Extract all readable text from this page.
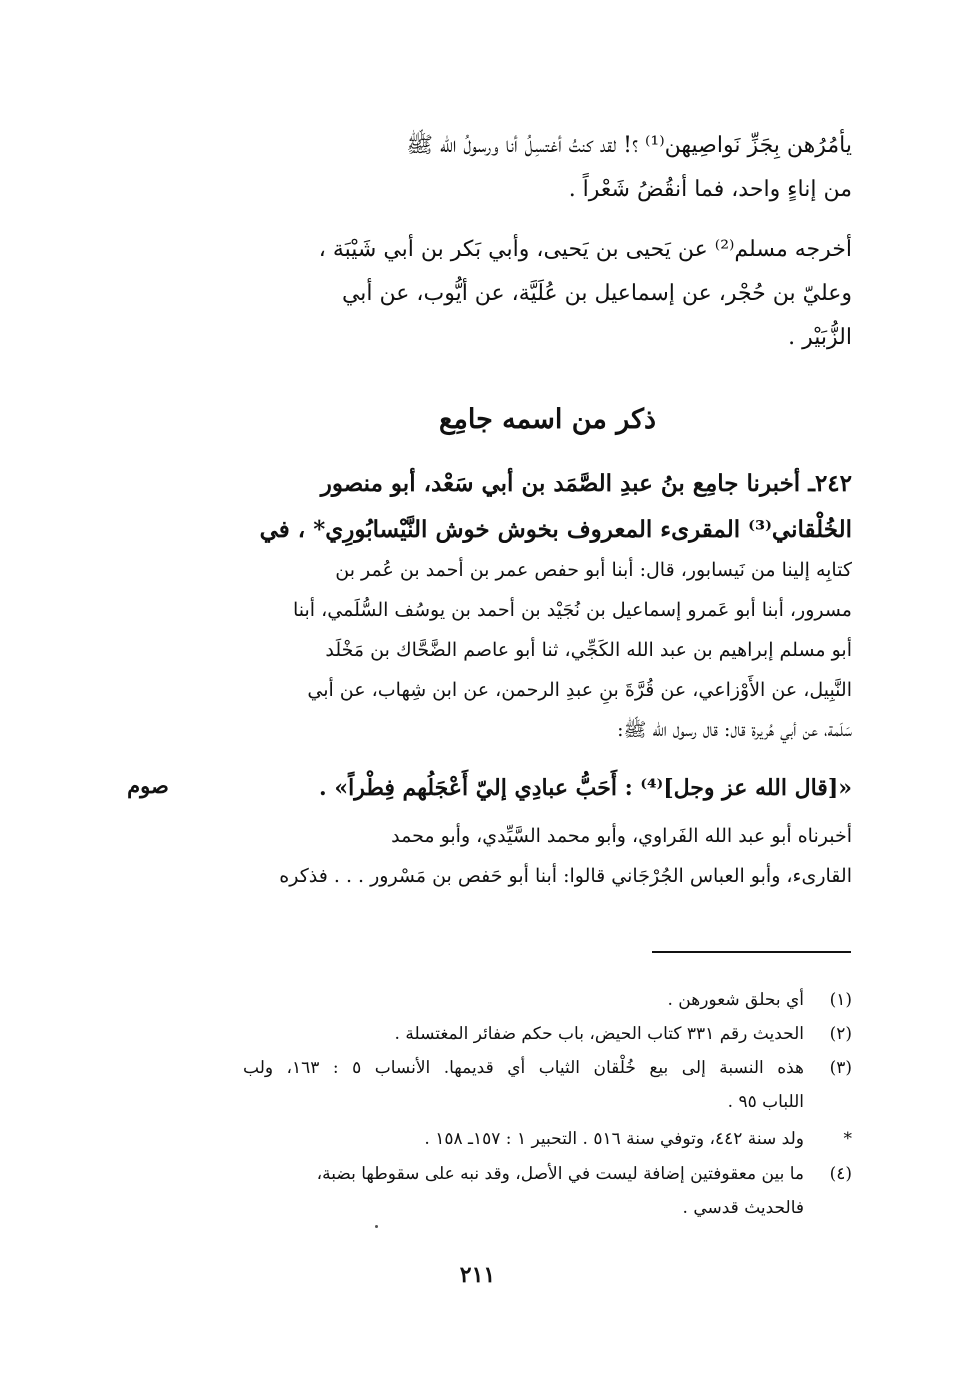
يأمُرُهن بِجَزِّ نَواصِيهن⁽¹⁾ ؟! لقد كنتُ أغتسِلُ أنا ورسولُ الله ﷺ
من إناءٍ واحد، فما أنقُضُ شَعْراً .
أخرجه مسلم⁽²⁾ عن يَحيى بن يَحيى، وأبي بَكر بن أبي شَيْبَة ،
وعليّ بن حُجْر، عن إسماعيل بن عُلَيَّة، عن أيُّوب، عن أبي
الزُّبَيْر .
ذكر من اسمه جامِع
٢٤٢ـ أخبرنا جامِع بنُ عبدِ الصَّمَد بن أبي سَعْد، أبو منصور
الخُلْقاني⁽³⁾ المقرىء المعروف بخوش خوش النَّيْسابُورِي* ، في
كتابِه إلينا من نَيسابور، قال: أبنا أبو حفص عمر بن أحمد بن عُمر بن
مسرور، أبنا أبو عَمرو إسماعيل بن نُجَيْد بن أحمد بن يوسُف السُّلَمي، أبنا
أبو مسلم إبراهيم بن عبد الله الكَجِّي، ثنا أبو عاصم الضَّحَّاك بن مَخْلَد
النَّبِيل، عن الأَوْزاعي، عن قُرَّةَ بنِ عبدِ الرحمن، عن ابن شِهاب، عن أبي
سَلَمة، عن أبي هُريرة قال: قال رسول الله ﷺ:
«[قال الله عز وجل]⁽⁴⁾ : أَحَبُّ عبادِي إليّ أَعْجَلُهم فِطْراً» .
صوم
أخبرناه أبو عبد الله الفَراوي، وأبو محمد السَّيِّدي، وأبو محمد
القارىء، وأبو العباس الجُرْجَاني قالوا: أبنا أبو حَفص بن مَسْرور . . . فذكره
(١)
أي بحلق شعورهن .
(٢)
الحديث رقم ٣٣١ كتاب الحيض، باب حكم ضفائر المغتسلة .
(٣)
هذه النسبة إلى بيع خُلْقان الثياب أي قديمها. الأنساب ٥ : ١٦٣، ولب
اللباب ٩٥ .
*
ولد سنة ٤٤٢، وتوفي سنة ٥١٦ . التحبير ١ : ١٥٧ـ ١٥٨ .
(٤)
ما بين معقوفتين إضافة ليست في الأصل، وقد نبه على سقوطها بضبة،
فالحديث قدسي .
٢١١
